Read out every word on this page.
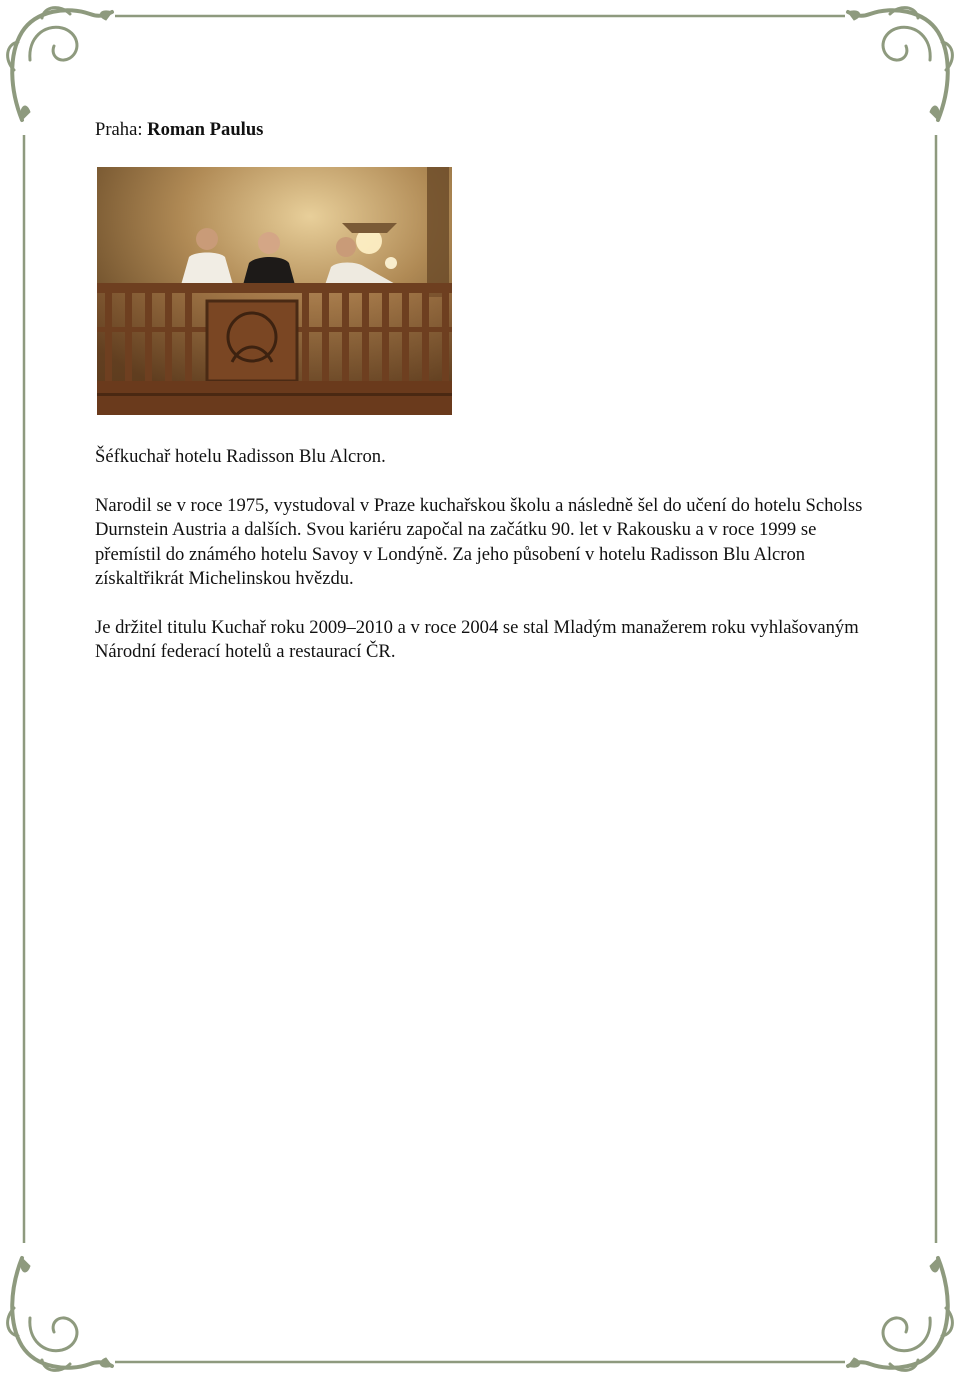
Praha: Roman Paulus

Šéfkuchař hotelu Radisson Blu Alcron.

Narodil se v roce 1975, vystudoval v Praze kuchařskou školu a následně šel do učení do hotelu Scholss Durnstein Austria a dalších. Svou kariéru započal na začátku 90. let v Rakousku a v roce 1999 se přemístil do známého hotelu Savoy v Londýně. Za jeho působení v hotelu Radisson Blu Alcron získaltřikrát Michelinskou hvězdu.

Je držitel titulu Kuchař roku 2009–2010 a v roce 2004 se stal Mladým manažerem roku vyhlašovaným Národní federací hotelů a restaurací ČR.
